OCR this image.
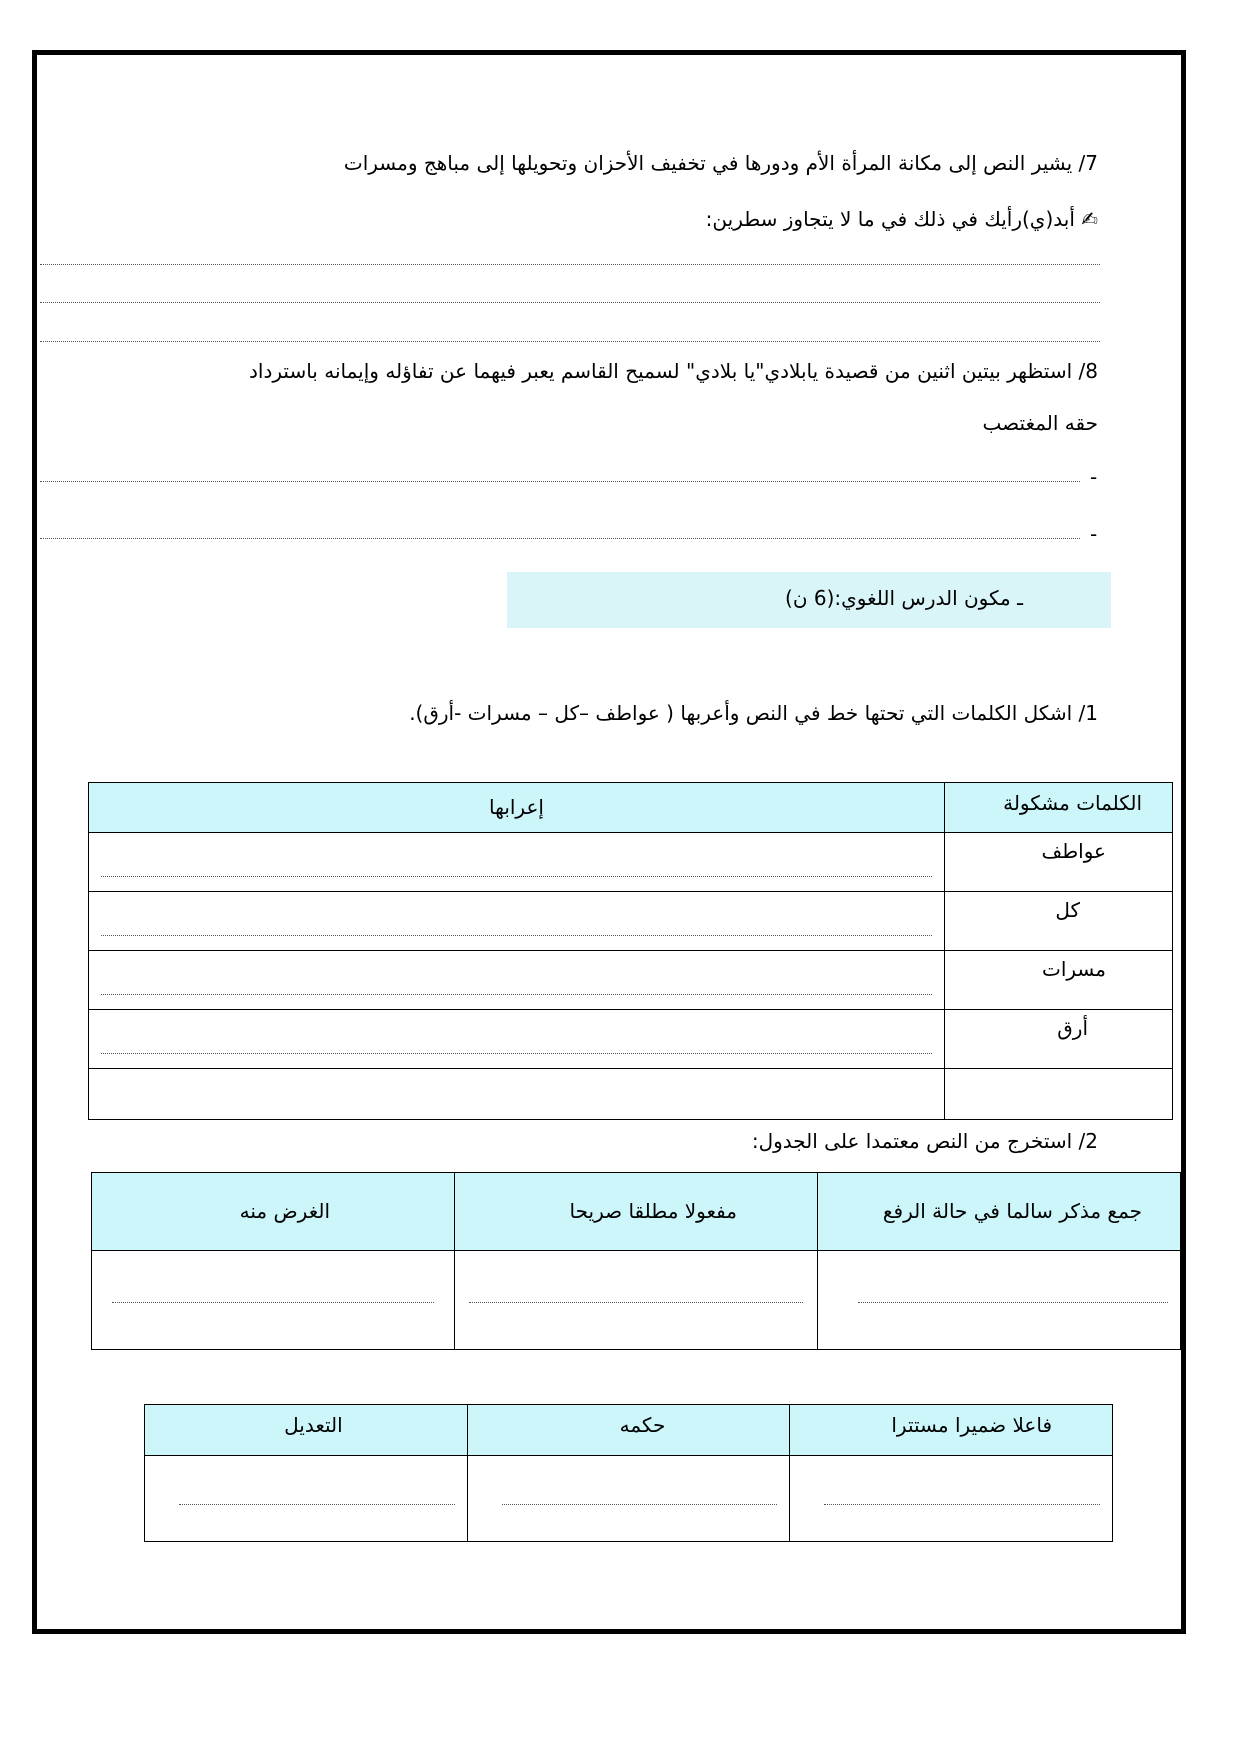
7/ يشير النص إلى مكانة المرأة الأم ودورها في تخفيف الأحزان وتحويلها إلى مباهج ومسرات
✍ أبد(ي)رأيك في ذلك في ما لا يتجاوز سطرين:
8/ استظهر بيتين اثنين من قصيدة يابلادي"يا بلادي" لسميح القاسم يعبر فيهما عن تفاؤله وإيمانه باسترداد
حقه المغتصب
-
-
ـ مكون الدرس اللغوي:(6 ن)
1/ اشكل الكلمات التي تحتها خط في النص وأعربها ( عواطف –كل – مسرات -أرق).
إعرابها	الكلمات مشكولة

	عواطف

	كل

	مسرات

	أرق

2/ استخرج من النص معتمدا على الجدول:
الغرض منه	مفعولا مطلقا صريحا	جمع مذكر سالما في حالة الرفع

التعديل	حكمه	فاعلا ضميرا مستترا
